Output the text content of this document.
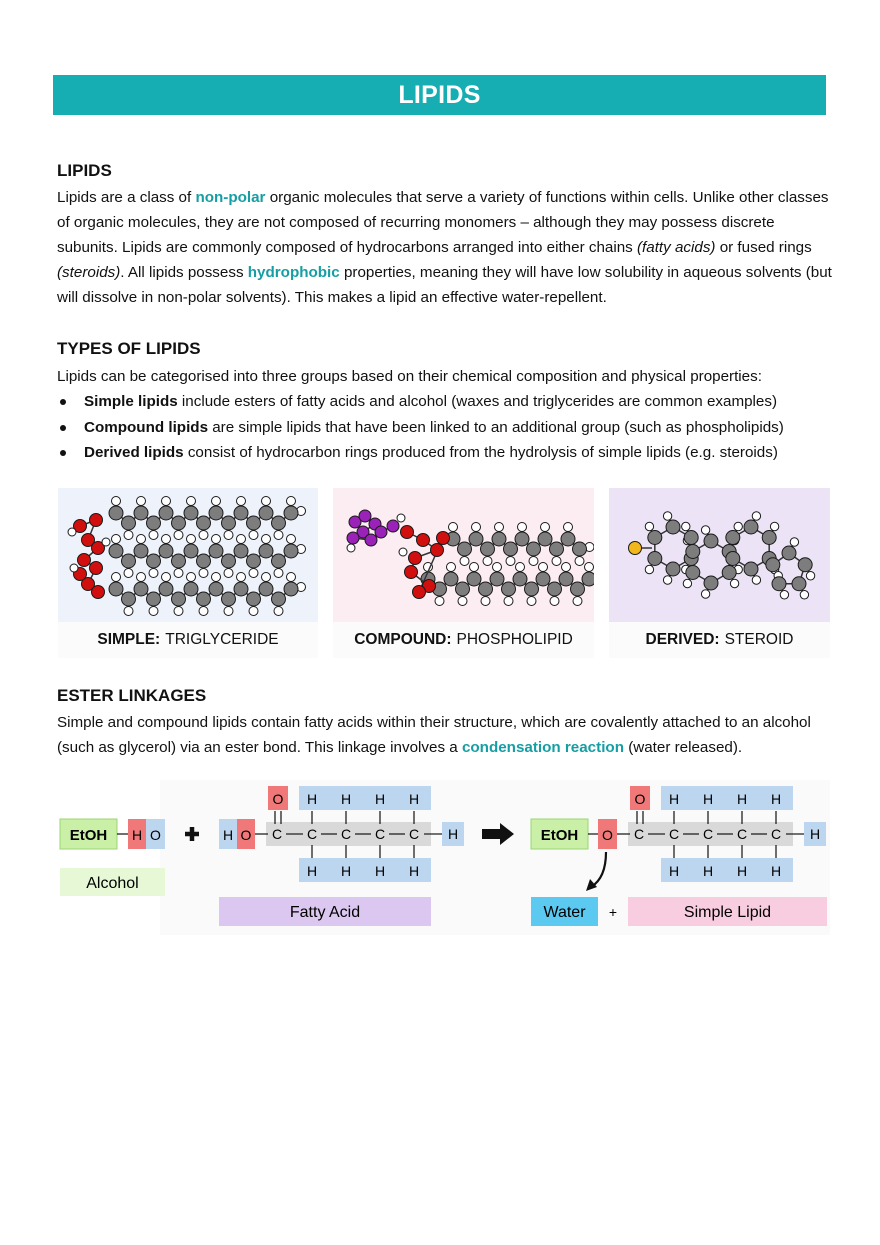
LIPIDS
LIPIDS
Lipids are a class of non-polar organic molecules that serve a variety of functions within cells. Unlike other classes of organic molecules, they are not composed of recurring monomers – although they may possess discrete subunits. Lipids are commonly composed of hydrocarbons arranged into either chains (fatty acids) or fused rings (steroids). All lipids possess hydrophobic properties, meaning they will have low solubility in aqueous solvents (but will dissolve in non-polar solvents). This makes a lipid an effective water-repellent.
TYPES OF LIPIDS
Lipids can be categorised into three groups based on their chemical composition and physical properties:
Simple lipids include esters of fatty acids and alcohol (waxes and triglycerides are common examples)
Compound lipids are simple lipids that have been linked to an additional group (such as phospholipids)
Derived lipids consist of hydrocarbon rings produced from the hydrolysis of simple lipids (e.g. steroids)
SIMPLE: TRIGLYCERIDE	COMPOUND: PHOSPHOLIPID	DERIVED: STEROID
ESTER LINKAGES
Simple and compound lipids contain fatty acids within their structure, which are covalently attached to an alcohol (such as glycerol) via an ester bond. This linkage involves a condensation reaction (water released).
EtOH H O
Alcohol
H O
O H
H
H
H
H
H
H
H
C C C C C H
Fatty Acid
EtOH O
O H
H
H
H
H
H
H
H
C C C C C H
Water +	Simple Lipid
